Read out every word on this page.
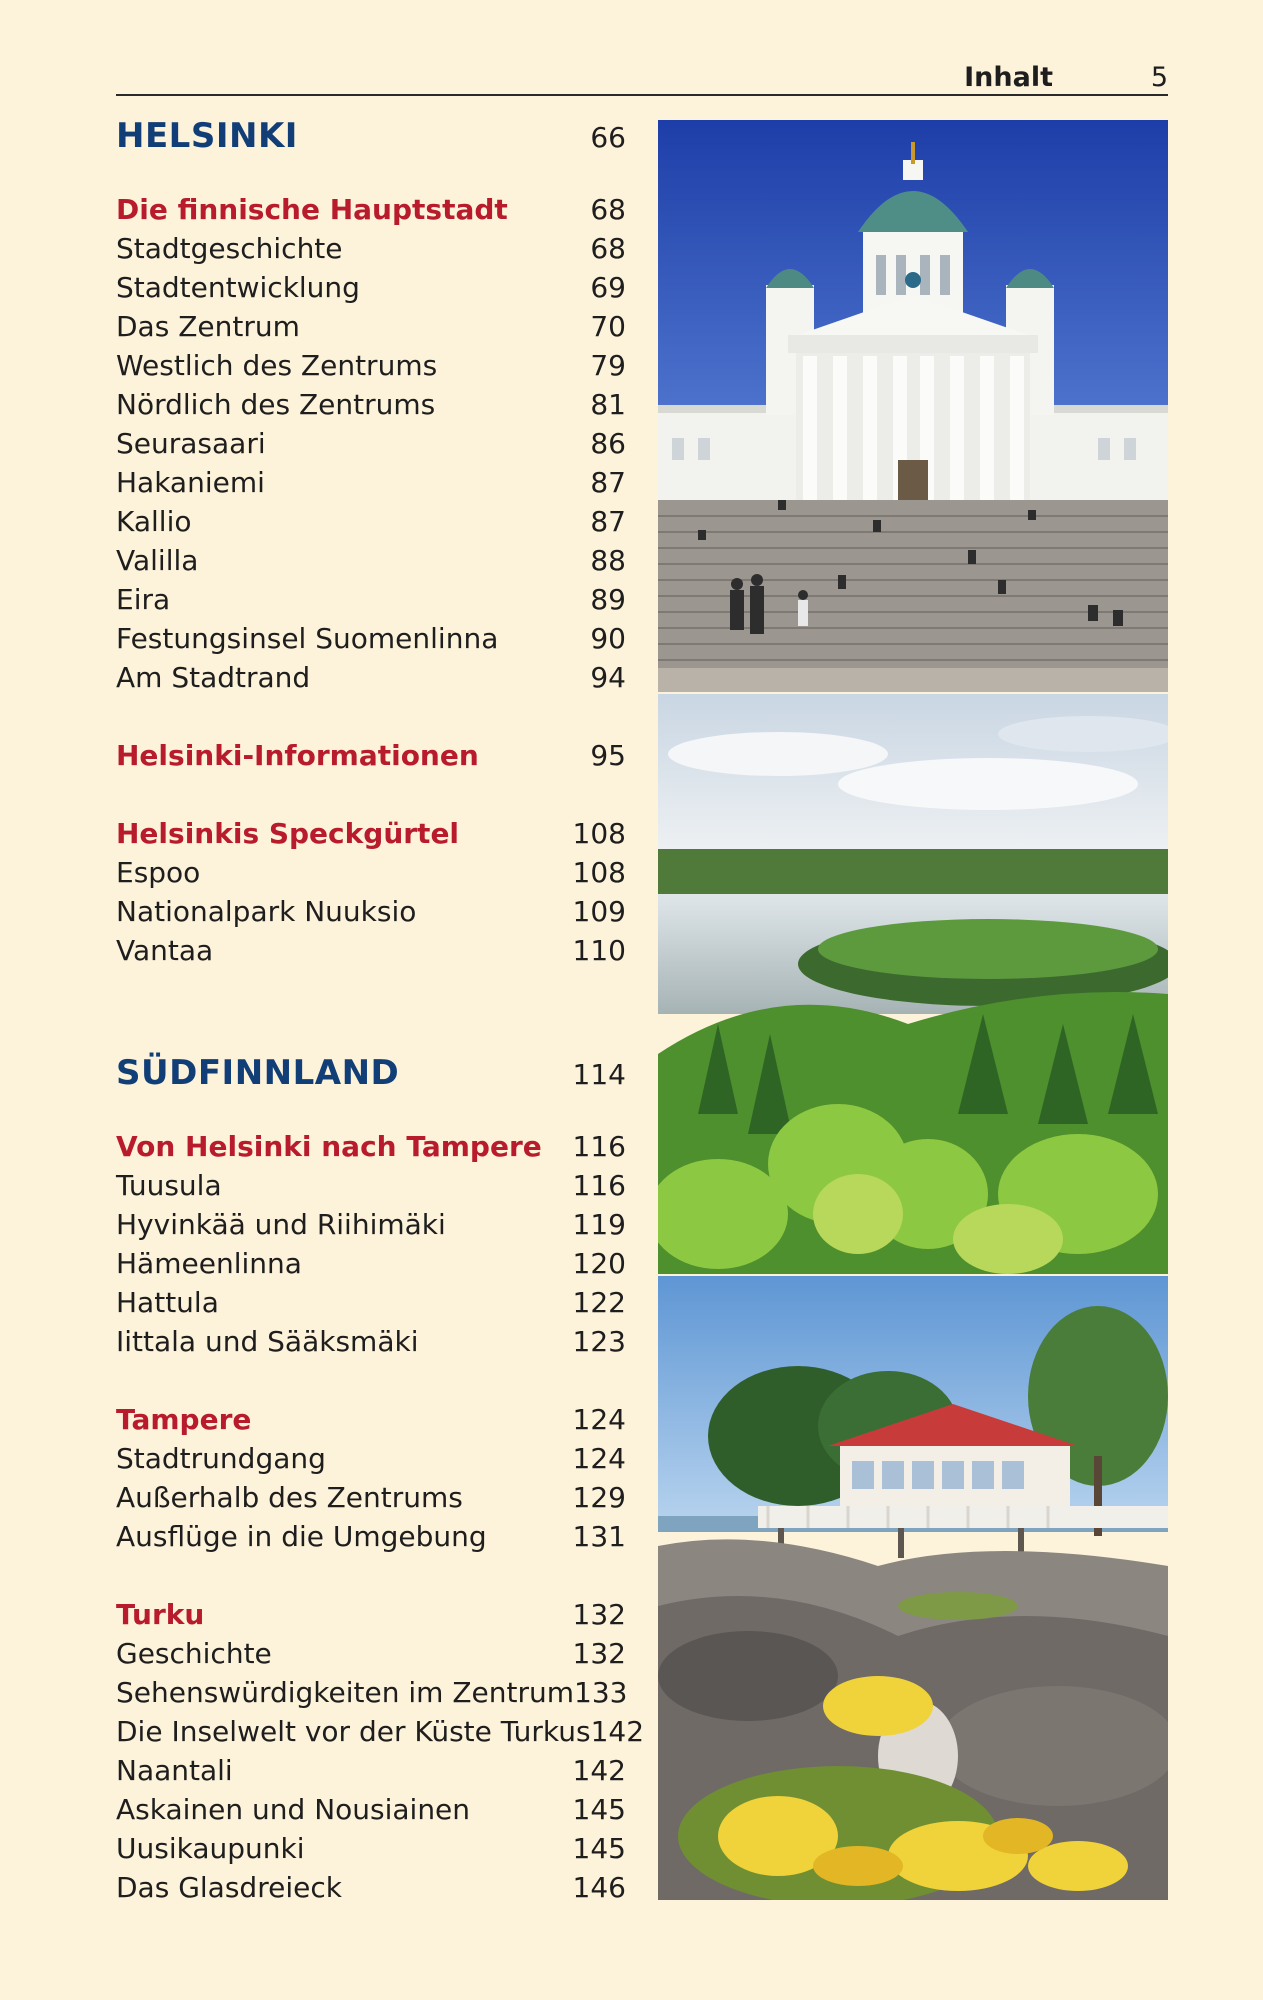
Inhalt	5
HELSINKI	66
Die finnische Hauptstadt	68
Stadtgeschichte	68
Stadtentwicklung	69
Das Zentrum	70
Westlich des Zentrums	79
Nördlich des Zentrums	81
Seurasaari	86
Hakaniemi	87
Kallio	87
Valilla	88
Eira	89
Festungsinsel Suomenlinna	90
Am Stadtrand	94
Helsinki-Informationen	95
Helsinkis Speckgürtel	108
Espoo	108
Nationalpark Nuuksio	109
Vantaa	110
SÜDFINNLAND	114
Von Helsinki nach Tampere 116
Tuusula	116
Hyvinkää und Riihimäki	119
Hämeenlinna	120
Hattula	122
Iittala und Sääksmäki	123
Tampere	124
Stadtrundgang	124
Außerhalb des Zentrums	129
Ausflüge in die Umgebung	131
Turku	132
Geschichte	132
Sehenswürdigkeiten im Zentrum 133
Die Inselwelt vor der Küste Turkus 142
Naantali	142
Askainen und Nousiainen	145
Uusikaupunki	145
Das Glasdreieck	146
